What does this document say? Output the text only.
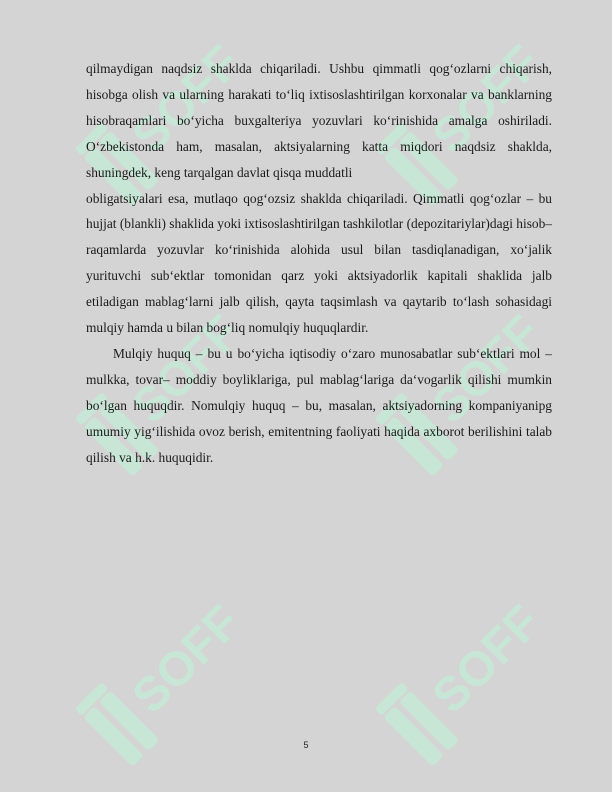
qilmaydigan naqdsiz shaklda chiqariladi. Ushbu qimmatli qog‘ozlarni chiqarish, hisobga olish va ularning harakati to‘liq ixtisoslashtirilgan korxonalar va banklarning hisobraqamlari bo‘yicha buxgalteriya yozuvlari ko‘rinishida amalga oshiriladi. O‘zbekistonda ham, masalan, aktsiyalarning katta miqdori naqdsiz shaklda, shuningdek, keng tarqalgan davlat qisqa muddatli

obligatsiyalari esa, mutlaqo qog‘ozsiz shaklda chiqariladi. Qimmatli qog‘ozlar – bu hujjat (blankli) shaklida yoki ixtisoslashtirilgan tashkilotlar (depozitariylar)dagi hisob–raqamlarda yozuvlar ko‘rinishida alohida usul bilan tasdiqlanadigan, xo‘jalik yurituvchi sub‘ektlar tomonidan qarz yoki aktsiyadorlik kapitali shaklida jalb etiladigan mablag‘larni jalb qilish, qayta taqsimlash va qaytarib to‘lash sohasidagi mulqiy hamda u bilan bog‘liq nomulqiy huquqlardir.

Mulqiy huquq – bu u bo‘yicha iqtisodiy o‘zaro munosabatlar sub‘ektlari mol – mulkka, tovar– moddiy boyliklariga, pul mablag‘lariga da‘vogarlik qilishi mumkin bo‘lgan huquqdir. Nomulqiy huquq – bu, masalan, aktsiyadorning kompaniyanipg umumiy yig‘ilishida ovoz berish, emitentning faoliyati haqida axborot berilishini talab qilish va h.k. huquqidir.

5
